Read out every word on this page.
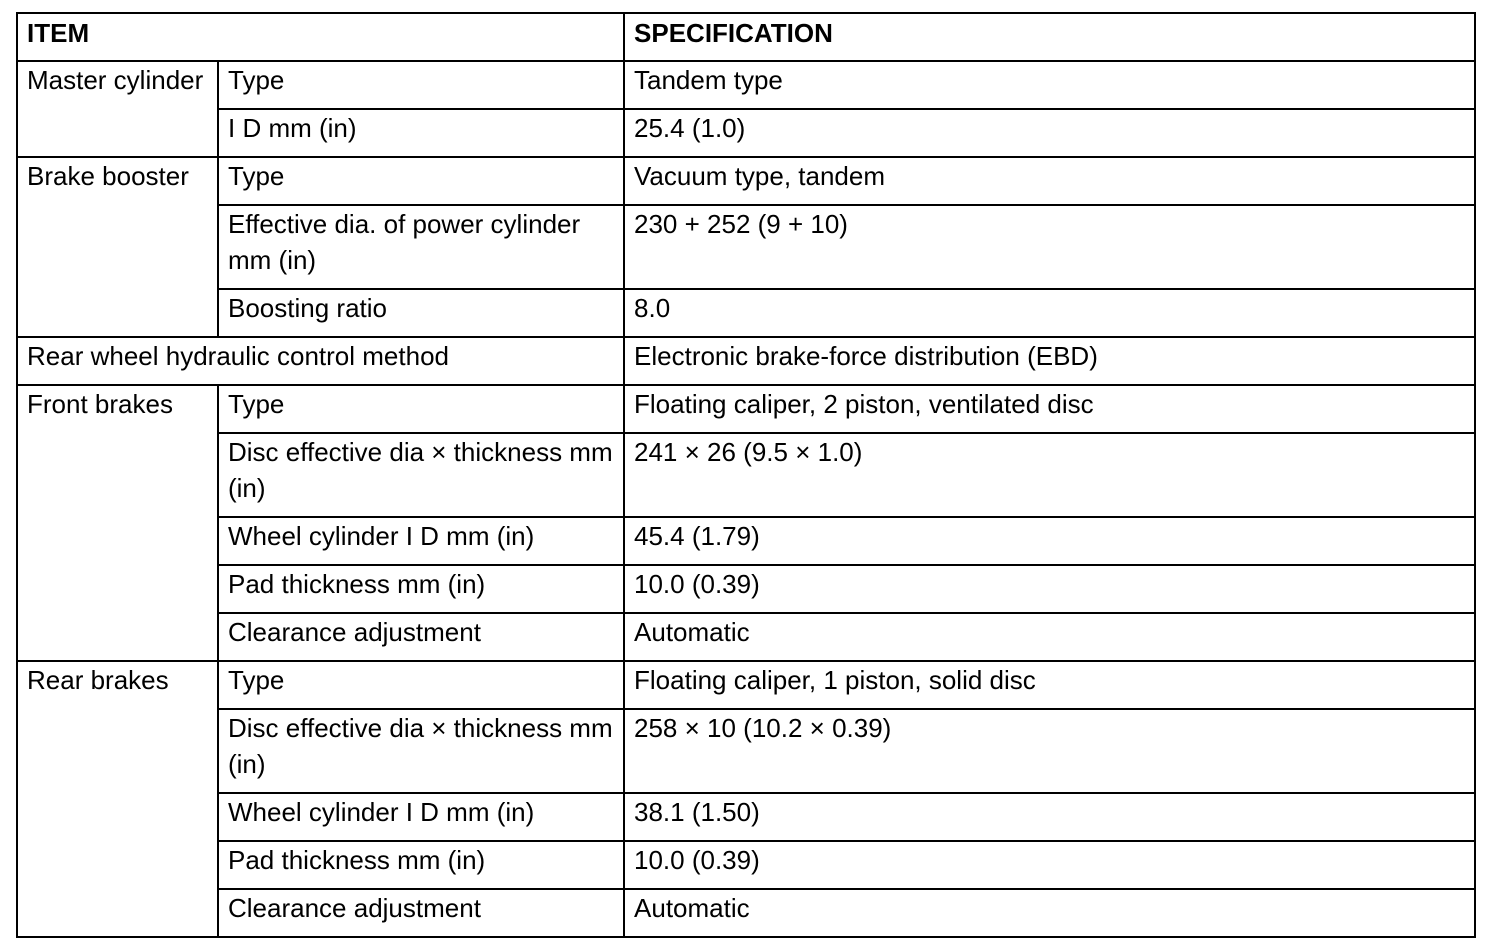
ITEM		SPECIFICATION
Master cylinder	Type	Tandem type
	I D mm (in)	25.4 (1.0)
Brake booster	Type	Vacuum type, tandem
	Effective dia. of power cylinder mm (in)	230 + 252 (9 + 10)
	Boosting ratio	8.0
Rear wheel hydraulic control method		Electronic brake-force distribution (EBD)
Front brakes	Type	Floating caliper, 2 piston, ventilated disc
	Disc effective dia × thickness mm (in)	241 × 26 (9.5 × 1.0)
	Wheel cylinder I D mm (in)	45.4 (1.79)
	Pad thickness mm (in)	10.0 (0.39)
	Clearance adjustment	Automatic
Rear brakes	Type	Floating caliper, 1 piston, solid disc
	Disc effective dia × thickness mm (in)	258 × 10 (10.2 × 0.39)
	Wheel cylinder I D mm (in)	38.1 (1.50)
	Pad thickness mm (in)	10.0 (0.39)
	Clearance adjustment	Automatic
